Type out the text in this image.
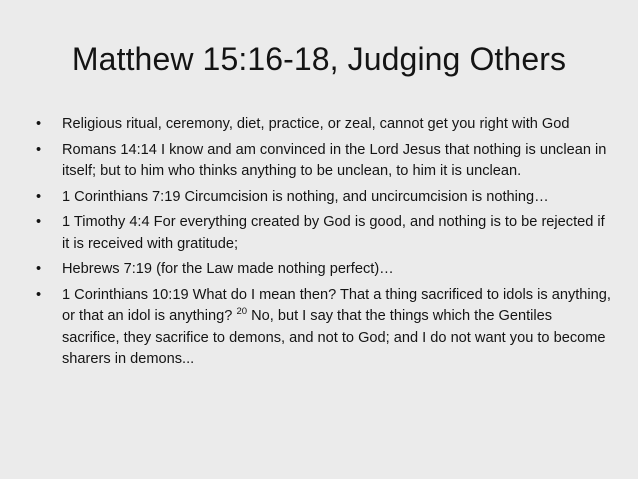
Matthew 15:16-18, Judging Others
•	Religious ritual, ceremony, diet, practice, or zeal, cannot get you right with God
•	Romans 14:14 I know and am convinced in the Lord Jesus that nothing is unclean in itself; but to him who thinks anything to be unclean, to him it is unclean.
•	1 Corinthians 7:19 Circumcision is nothing, and uncircumcision is nothing…
•	1 Timothy 4:4 For everything created by God is good, and nothing is to be rejected if it is received with gratitude;
•	Hebrews 7:19 (for the Law made nothing perfect)…
•	1 Corinthians 10:19 What do I mean then? That a thing sacrificed to idols is anything, or that an idol is anything? $^{20}$ No, but I say that the things which the Gentiles sacrifice, they sacrifice to demons, and not to God; and I do not want you to become sharers in demons...
